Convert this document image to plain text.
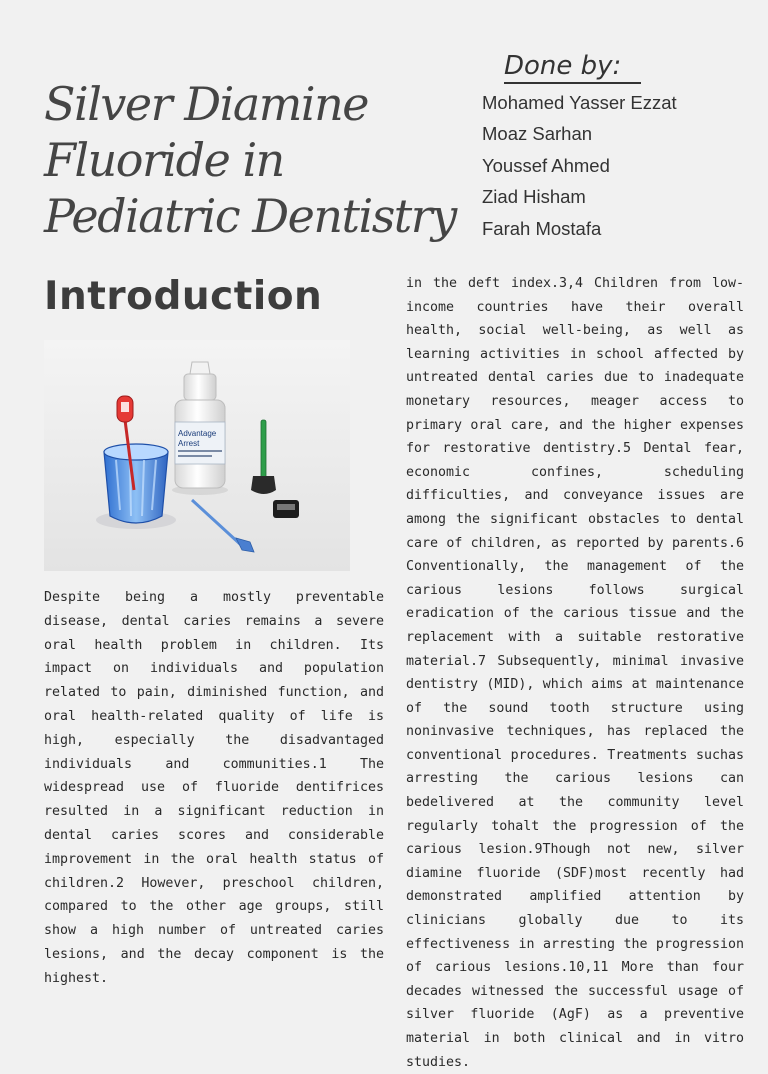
Silver Diamine
Fluoride in
Pediatric Dentistry
Done by:
Mohamed Yasser Ezzat
Moaz Sarhan
Youssef Ahmed
Ziad Hisham
Farah Mostafa
Introduction
Advantage
Arrest

Despite being a mostly preventable disease, dental caries remains a severe oral health problem in children. Its impact on individuals and population related to pain, diminished function, and oral health-related quality of life is high, especially the disadvantaged individuals and communities.1 The widespread use of fluoride dentifrices resulted in a significant reduction in dental caries scores and considerable improvement in the oral health status of children.2 However, preschool children, compared to the other age groups, still show a high number of untreated caries lesions, and the decay component is the highest.

in the deft index.3,4 Children from low-income countries have their overall health, social well-being, as well as learning activities in school affected by untreated dental caries due to inadequate monetary resources, meager access to primary oral care, and the higher expenses for restorative dentistry.5 Dental fear, economic confines, scheduling difficulties, and conveyance issues are among the significant obstacles to dental care of children, as reported by parents.6 Conventionally, the management of the carious lesions follows surgical eradication of the carious tissue and the replacement with a suitable restorative material.7 Subsequently, minimal invasive dentistry (MID), which aims at maintenance of the sound tooth structure using noninvasive techniques, has replaced the conventional procedures. Treatments suchas arresting the carious lesions can bedelivered at the community level regularly tohalt the progression of the carious lesion.9Though not new, silver diamine fluoride (SDF)most recently had demonstrated amplified attention by clinicians globally due to its effectiveness in arresting the progression of carious lesions.10,11 More than four decades witnessed the successful usage of silver fluoride (AgF) as a preventive material in both clinical and in vitro studies.
